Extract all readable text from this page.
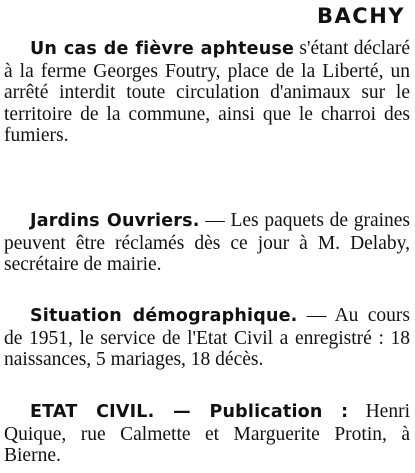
BACHY

Un cas de fièvre aphteuse s'étant déclaré à la ferme Georges Foutry, place de la Liberté, un arrêté interdit toute circulation d'animaux sur le territoire de la commune, ainsi que le charroi des fumiers.

Jardins Ouvriers. — Les paquets de graines peuvent être réclamés dès ce jour à M. Delaby, secrétaire de mairie.

Situation démographique. — Au cours de 1951, le service de l'Etat Civil a enregistré : 18 naissances, 5 mariages, 18 décès.

ETAT CIVIL. — Publication : Henri Quique, rue Calmette et Marguerite Protin, à Bierne.
